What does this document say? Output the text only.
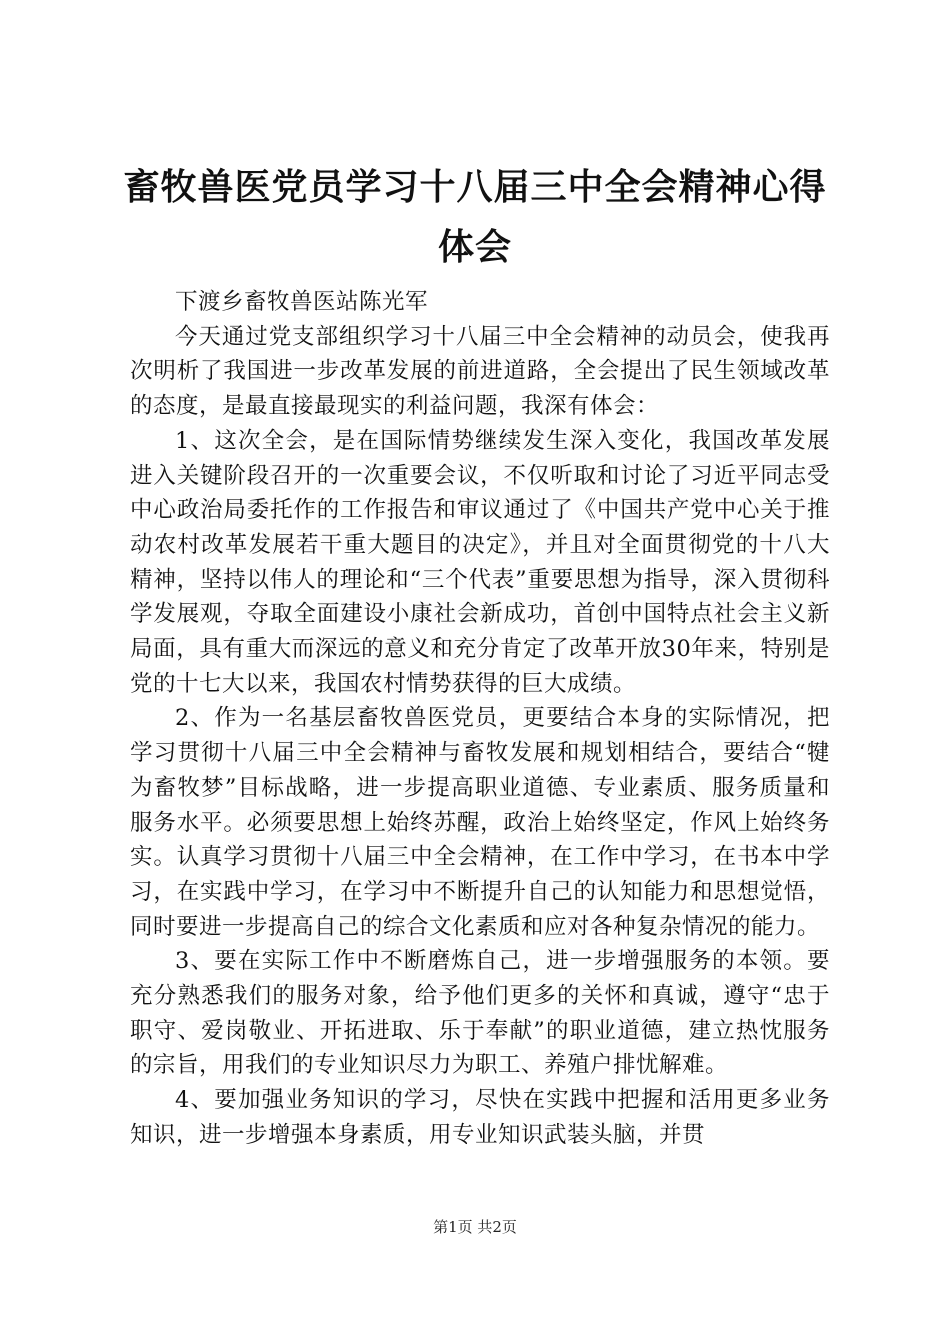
畜牧兽医党员学习十八届三中全会精神心得体会

下渡乡畜牧兽医站陈光军

今天通过党支部组织学习十八届三中全会精神的动员会，使我再次明析了我国进一步改革发展的前进道路，全会提出了民生领域改革的态度，是最直接最现实的利益问题，我深有体会：

1、这次全会，是在国际情势继续发生深入变化，我国改革发展进入关键阶段召开的一次重要会议，不仅听取和讨论了习近平同志受中心政治局委托作的工作报告和审议通过了《中国共产党中心关于推动农村改革发展若干重大题目的决定》，并且对全面贯彻党的十八大精神，坚持以伟人的理论和“三个代表”重要思想为指导，深入贯彻科学发展观，夺取全面建设小康社会新成功，首创中国特点社会主义新局面，具有重大而深远的意义和充分肯定了改革开放30年来，特别是党的十七大以来，我国农村情势获得的巨大成绩。

2、作为一名基层畜牧兽医党员，更要结合本身的实际情况，把学习贯彻十八届三中全会精神与畜牧发展和规划相结合，要结合“犍为畜牧梦”目标战略，进一步提高职业道德、专业素质、服务质量和服务水平。必须要思想上始终苏醒，政治上始终坚定，作风上始终务实。认真学习贯彻十八届三中全会精神，在工作中学习，在书本中学习，在实践中学习，在学习中不断提升自己的认知能力和思想觉悟，同时要进一步提高自己的综合文化素质和应对各种复杂情况的能力。

3、要在实际工作中不断磨炼自己，进一步增强服务的本领。要充分熟悉我们的服务对象，给予他们更多的关怀和真诚，遵守“忠于职守、爱岗敬业、开拓进取、乐于奉献”的职业道德，建立热忱服务的宗旨，用我们的专业知识尽力为职工、养殖户排忧解难。

4、要加强业务知识的学习，尽快在实践中把握和活用更多业务知识，进一步增强本身素质，用专业知识武装头脑，并贯

第1页 共2页
